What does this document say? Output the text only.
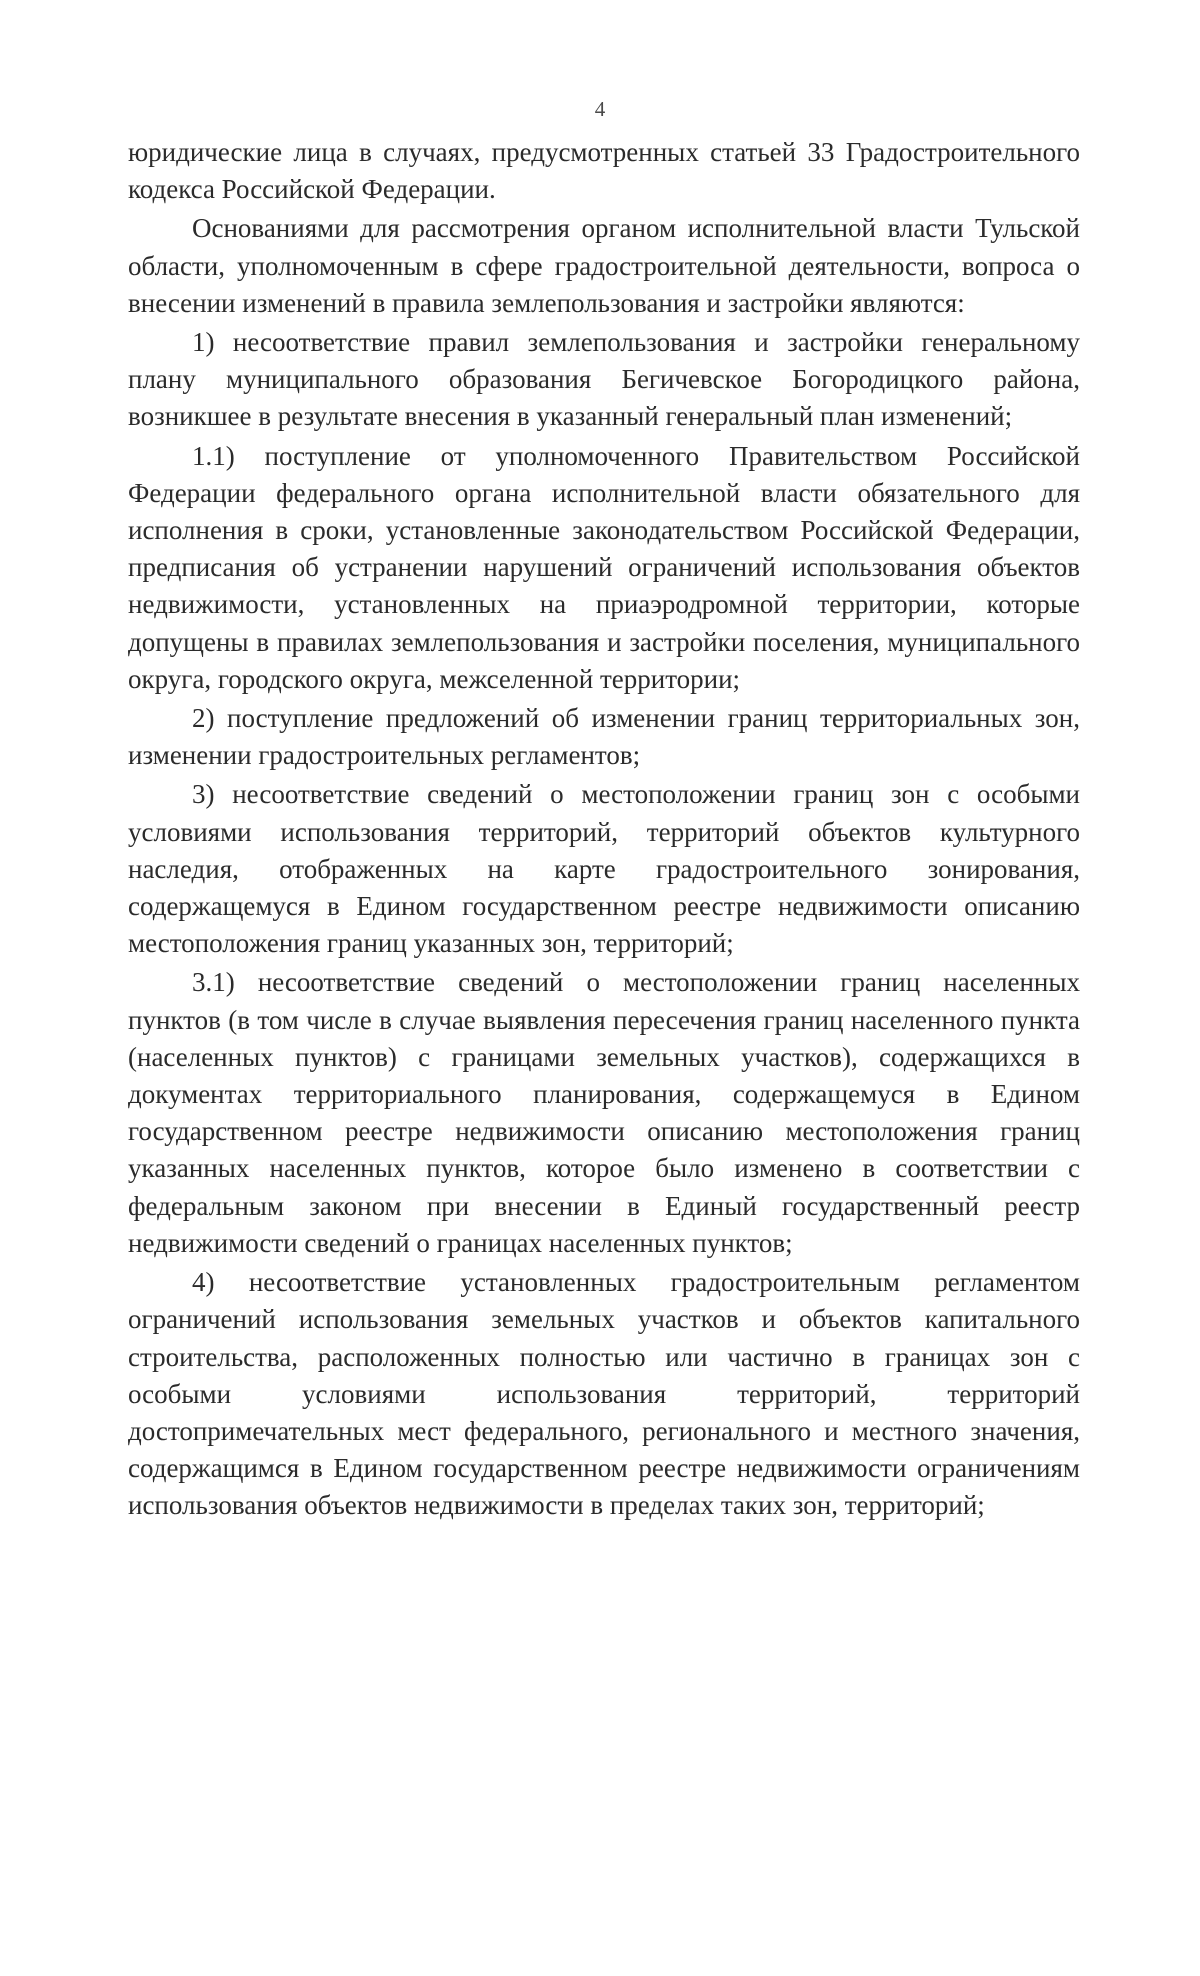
4

юридические лица в случаях, предусмотренных статьей 33 Градостроительного кодекса Российской Федерации.

Основаниями для рассмотрения органом исполнительной власти Тульской области, уполномоченным в сфере градостроительной деятельности, вопроса о внесении изменений в правила землепользования и застройки являются:

1) несоответствие правил землепользования и застройки генеральному плану муниципального образования Бегичевское Богородицкого района, возникшее в результате внесения в указанный генеральный план изменений;

1.1) поступление от уполномоченного Правительством Российской Федерации федерального органа исполнительной власти обязательного для исполнения в сроки, установленные законодательством Российской Федерации, предписания об устранении нарушений ограничений использования объектов недвижимости, установленных на приаэродромной территории, которые допущены в правилах землепользования и застройки поселения, муниципального округа, городского округа, межселенной территории;

2) поступление предложений об изменении границ территориальных зон, изменении градостроительных регламентов;

3) несоответствие сведений о местоположении границ зон с особыми условиями использования территорий, территорий объектов культурного наследия, отображенных на карте градостроительного зонирования, содержащемуся в Едином государственном реестре недвижимости описанию местоположения границ указанных зон, территорий;

3.1) несоответствие сведений о местоположении границ населенных пунктов (в том числе в случае выявления пересечения границ населенного пункта (населенных пунктов) с границами земельных участков), содержащихся в документах территориального планирования, содержащемуся в Едином государственном реестре недвижимости описанию местоположения границ указанных населенных пунктов, которое было изменено в соответствии с федеральным законом при внесении в Единый государственный реестр недвижимости сведений о границах населенных пунктов;

4) несоответствие установленных градостроительным регламентом ограничений использования земельных участков и объектов капитального строительства, расположенных полностью или частично в границах зон с особыми условиями использования территорий, территорий достопримечательных мест федерального, регионального и местного значения, содержащимся в Едином государственном реестре недвижимости ограничениям использования объектов недвижимости в пределах таких зон, территорий;
